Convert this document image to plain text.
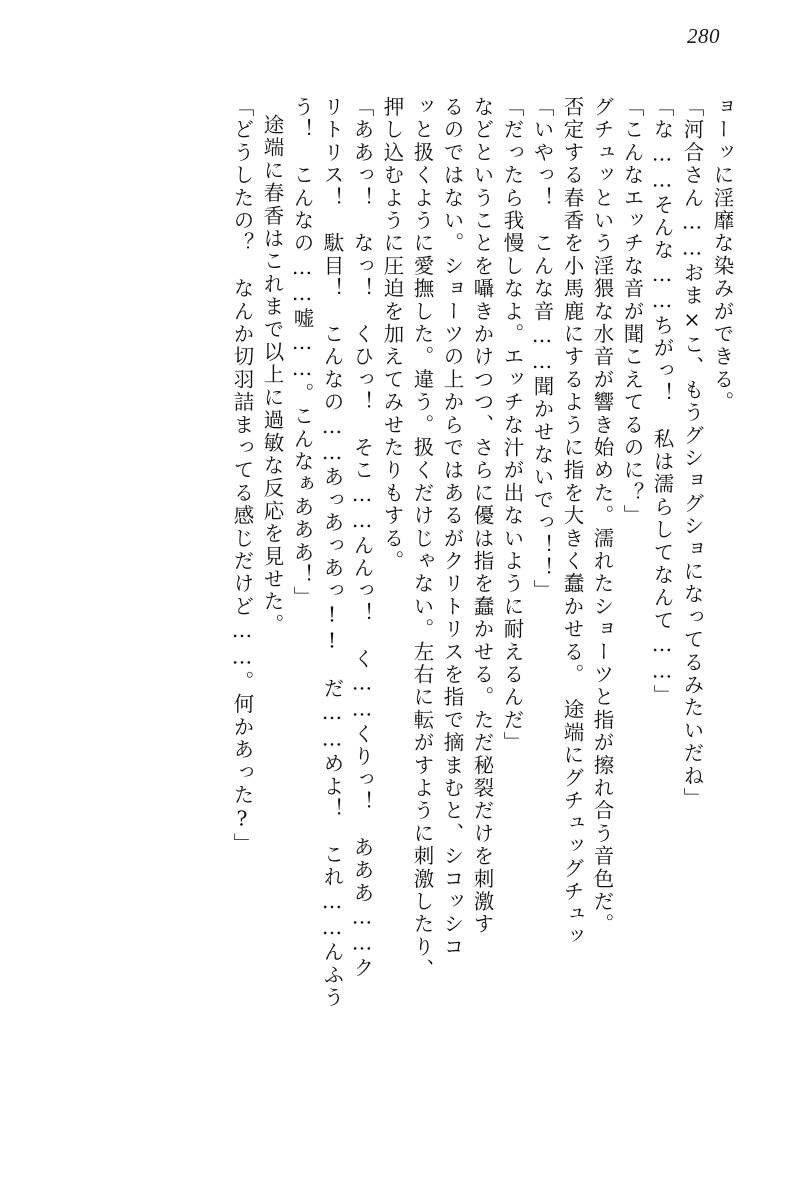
280
ョーッに淫靡な染みができる。
「河合さん……おま×こ、もうグショグショになってるみたいだね」
「な……そんな……ちがっ！　私は濡らしてなんて……」
「こんなエッチな音が聞こえてるのに？」
グチュッという淫猥な水音が響き始めた。濡れたショーツと指が擦れ合う音色だ。
否定する春香を小馬鹿にするように指を大きく蠢かせる。　途端にグチュッグチュッ
「いやっ！　こんな音……聞かせないでっ！！」
「だったら我慢しなよ。エッチな汁が出ないように耐えるんだ」
などということを囁きかけつつ、さらに優は指を蠢かせる。ただ秘裂だけを刺激す
るのではない。ショーツの上からではあるがクリトリスを指で摘まむと、シコッシコ
ッと扱くように愛撫した。違う。扱くだけじゃない。左右に転がすように刺激したり、
押し込むように圧迫を加えてみせたりもする。
「ああっ！　なっ！　くひっ！　そこ……んんっ！　く……くりっ！　あああ……ク
リトリス！　駄目！　こんなの……あっあっあっ!!　だ……めよ！　これ……んふう
う！　こんなの……嘘……。こんなぁあああ！」
途端に春香はこれまで以上に過敏な反応を見せた。
「どうしたの？　なんか切羽詰まってる感じだけど……。何かあった?」
